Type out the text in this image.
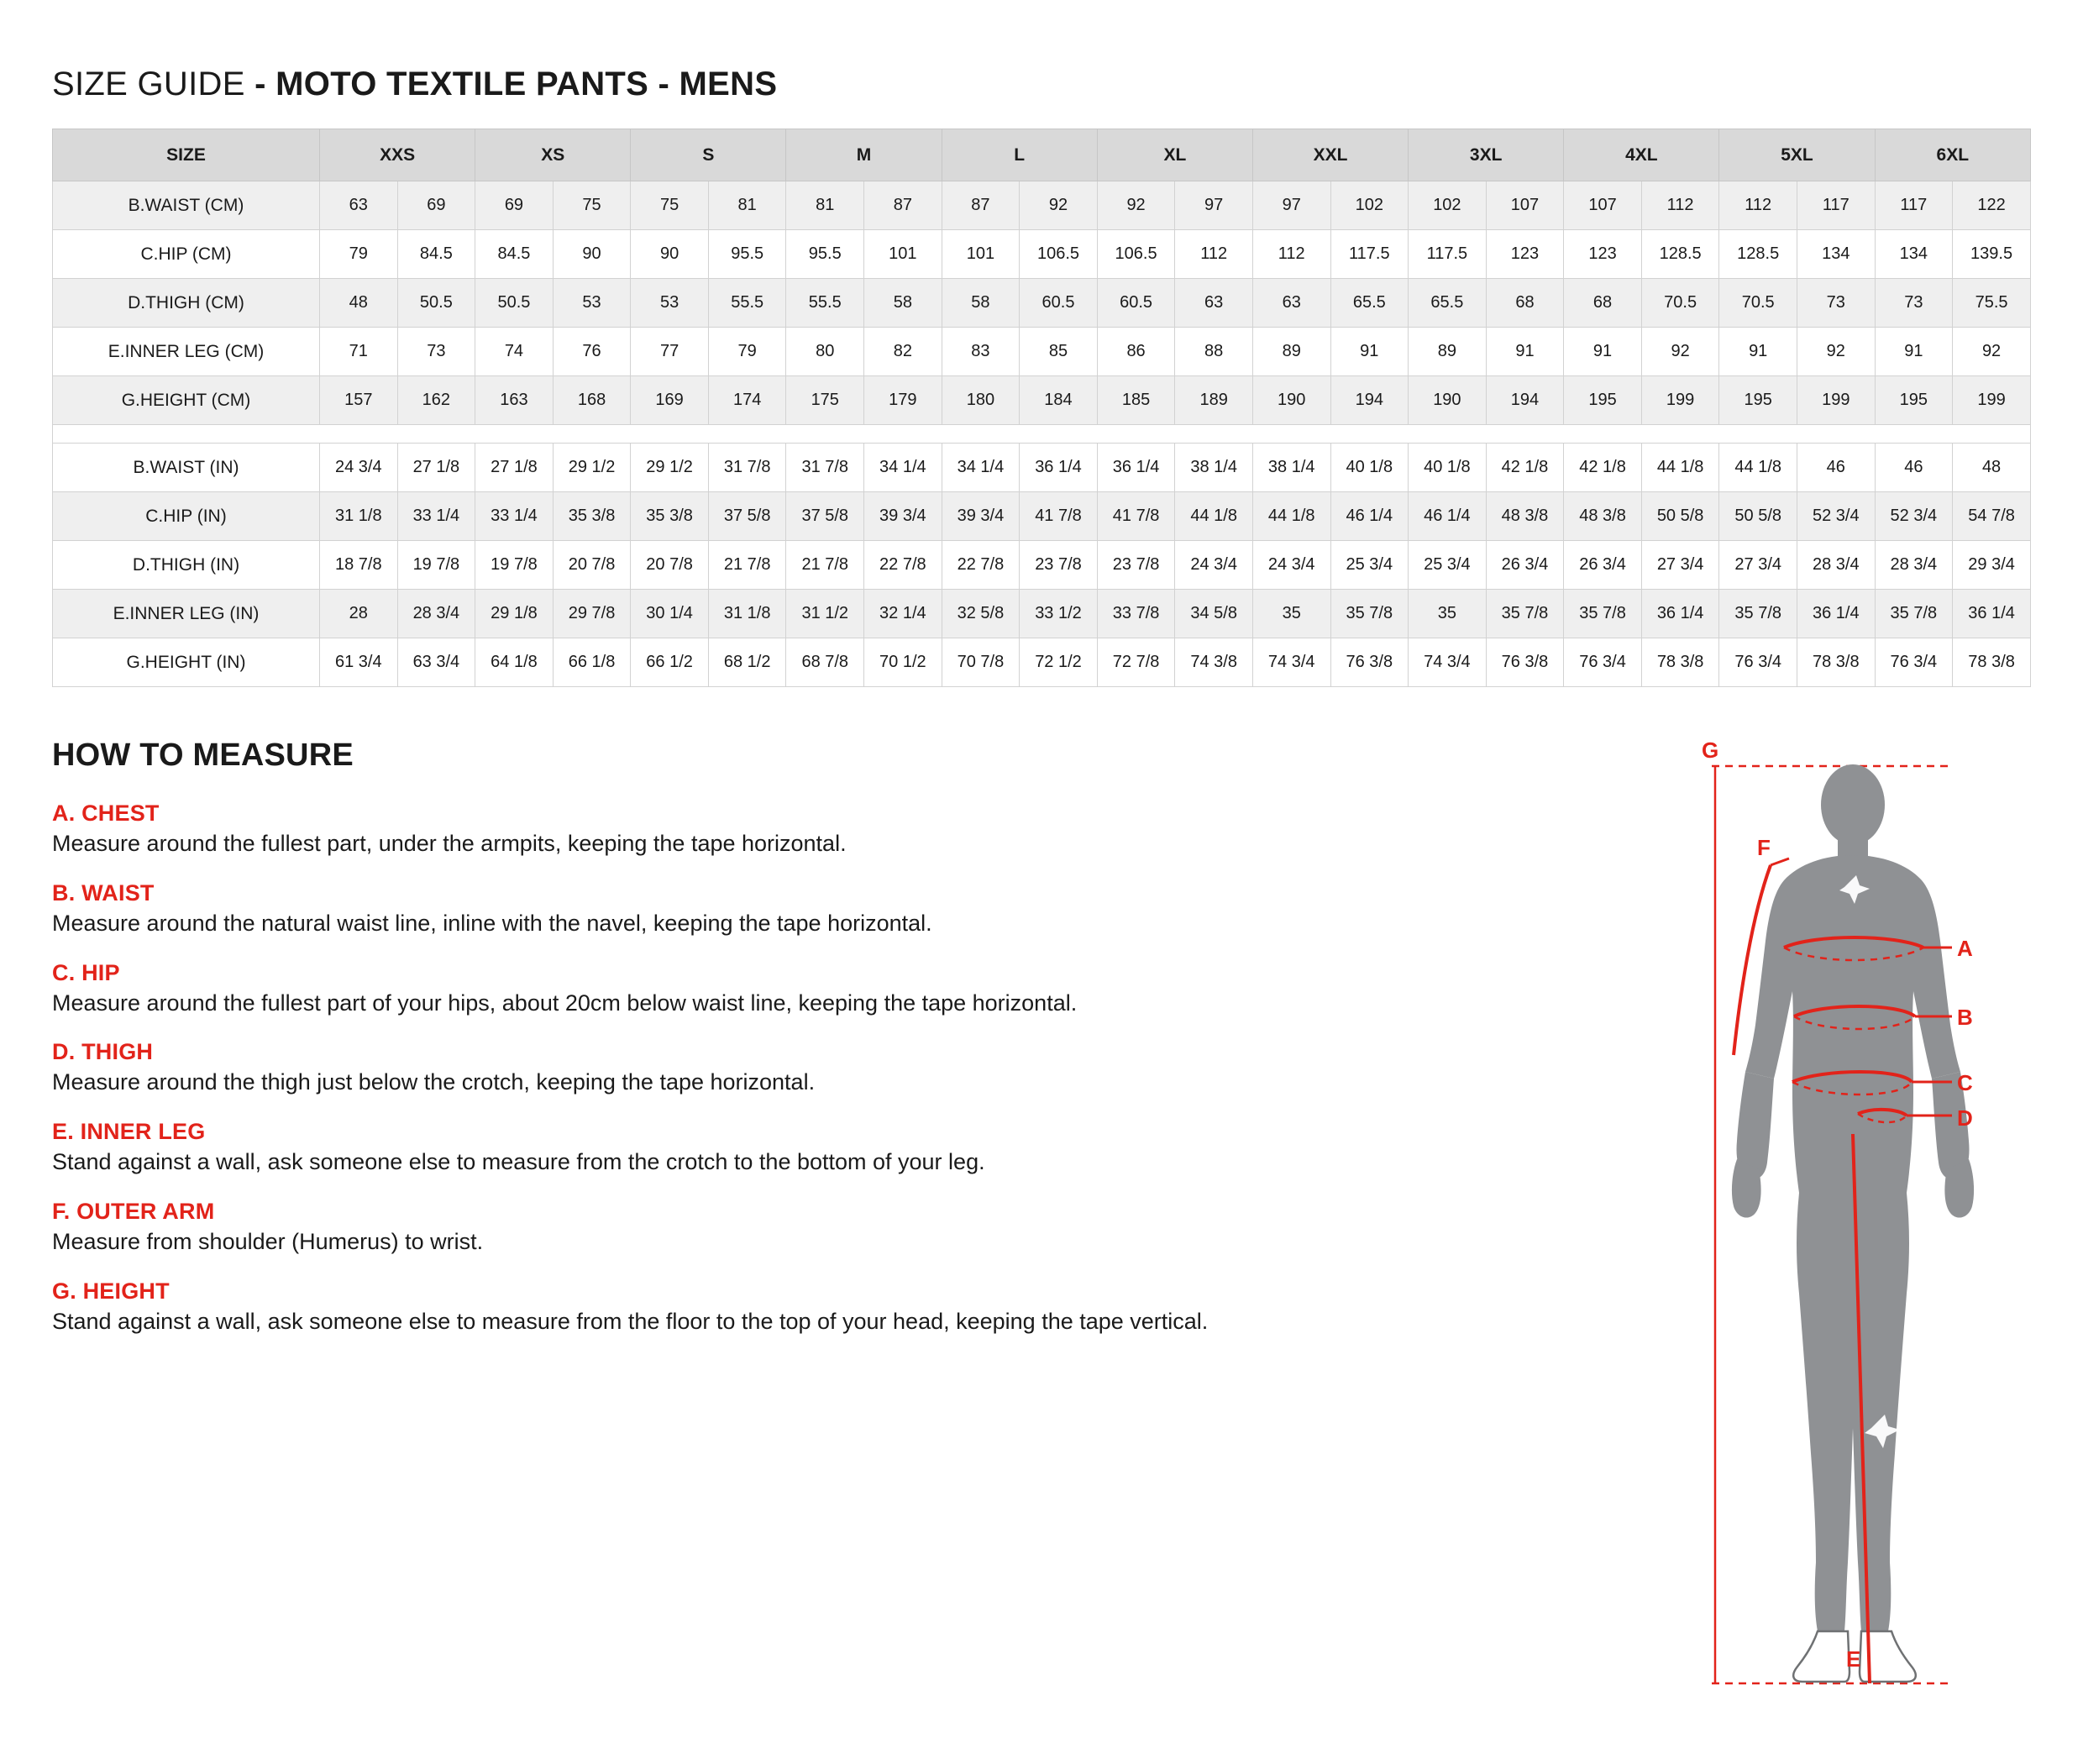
SIZE GUIDE - MOTO TEXTILE PANTS - MENS
SIZE	XXS		XS		S		M		L		XL		XXL		3XL		4XL		5XL		6XL	
B.WAIST (CM)	63	69	69	75	75	81	81	87	87	92	92	97	97	102	102	107	107	112	112	117	117	122
C.HIP (CM)	79	84.5	84.5	90	90	95.5	95.5	101	101	106.5	106.5	112	112	117.5	117.5	123	123	128.5	128.5	134	134	139.5
D.THIGH (CM)	48	50.5	50.5	53	53	55.5	55.5	58	58	60.5	60.5	63	63	65.5	65.5	68	68	70.5	70.5	73	73	75.5
E.INNER LEG (CM)	71	73	74	76	77	79	80	82	83	85	86	88	89	91	89	91	91	92	91	92	91	92
G.HEIGHT (CM)	157	162	163	168	169	174	175	179	180	184	185	189	190	194	190	194	195	199	195	199	195	199

B.WAIST (IN)	24 3/4	27 1/8	27 1/8	29 1/2	29 1/2	31 7/8	31 7/8	34 1/4	34 1/4	36 1/4	36 1/4	38 1/4	38 1/4	40 1/8	40 1/8	42 1/8	42 1/8	44 1/8	44 1/8	46	46	48
C.HIP (IN)	31 1/8	33 1/4	33 1/4	35 3/8	35 3/8	37 5/8	37 5/8	39 3/4	39 3/4	41 7/8	41 7/8	44 1/8	44 1/8	46 1/4	46 1/4	48 3/8	48 3/8	50 5/8	50 5/8	52 3/4	52 3/4	54 7/8
D.THIGH (IN)	18 7/8	19 7/8	19 7/8	20 7/8	20 7/8	21 7/8	21 7/8	22 7/8	22 7/8	23 7/8	23 7/8	24 3/4	24 3/4	25 3/4	25 3/4	26 3/4	26 3/4	27 3/4	27 3/4	28 3/4	28 3/4	29 3/4
E.INNER LEG (IN)	28	28 3/4	29 1/8	29 7/8	30 1/4	31 1/8	31 1/2	32 1/4	32 5/8	33 1/2	33 7/8	34 5/8	35	35 7/8	35	35 7/8	35 7/8	36 1/4	35 7/8	36 1/4	35 7/8	36 1/4
G.HEIGHT (IN)	61 3/4	63 3/4	64 1/8	66 1/8	66 1/2	68 1/2	68 7/8	70 1/2	70 7/8	72 1/2	72 7/8	74 3/8	74 3/4	76 3/8	74 3/4	76 3/8	76 3/4	78 3/8	76 3/4	78 3/8	76 3/4	78 3/8
HOW TO MEASURE
A. CHEST
Measure around the fullest part, under the armpits, keeping the tape horizontal.
B. WAIST
Measure around the natural waist line, inline with the navel, keeping the tape horizontal.
C. HIP
Measure around the fullest part of your hips, about 20cm below waist line, keeping the tape horizontal.
D. THIGH
Measure around the thigh just below the crotch, keeping the tape horizontal.
E. INNER LEG
Stand against a wall, ask someone else to measure from the crotch to the bottom of your leg.
F. OUTER ARM
Measure from shoulder (Humerus) to wrist.
G. HEIGHT
Stand against a wall, ask someone else to measure from the floor to the top of your head, keeping the tape vertical.
G
F
A
B
C
D
E
